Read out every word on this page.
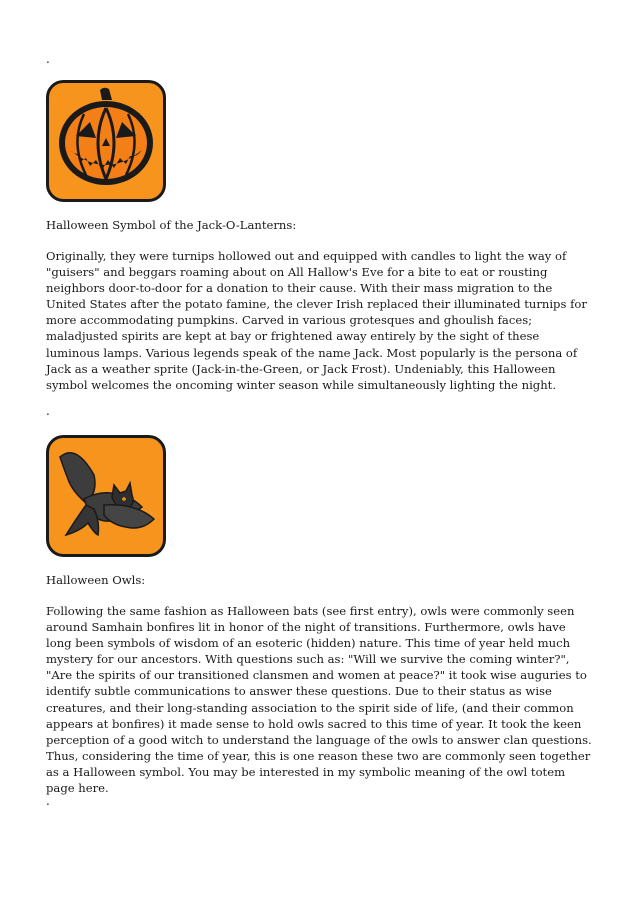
.
Halloween Symbol of the Jack-O-Lanterns:

Originally, they were turnips hollowed out and equipped with candles to light the way of "guisers" and beggars roaming about on All Hallow's Eve for a bite to eat or rousting neighbors door-to-door for a donation to their cause. With their mass migration to the United States after the potato famine, the clever Irish replaced their illuminated turnips for more accommodating pumpkins. Carved in various grotesques and ghoulish faces; maladjusted spirits are kept at bay or frightened away entirely by the sight of these luminous lamps. Various legends speak of the name Jack. Most popularly is the persona of Jack as a weather sprite (Jack-in-the-Green, or Jack Frost). Undeniably, this Halloween symbol welcomes the oncoming winter season while simultaneously lighting the night.

.
Halloween Owls:

Following the same fashion as Halloween bats (see first entry), owls were commonly seen around Samhain bonfires lit in honor of the night of transitions. Furthermore, owls have long been symbols of wisdom of an esoteric (hidden) nature. This time of year held much mystery for our ancestors. With questions such as: "Will we survive the coming winter?", "Are the spirits of our transitioned clansmen and women at peace?" it took wise auguries to identify subtle communications to answer these questions. Due to their status as wise creatures, and their long-standing association to the spirit side of life, (and their common appears at bonfires) it made sense to hold owls sacred to this time of year. It took the keen perception of a good witch to understand the language of the owls to answer clan questions. Thus, considering the time of year, this is one reason these two are commonly seen together as a Halloween symbol. You may be interested in my symbolic meaning of the owl totem page here.

.
